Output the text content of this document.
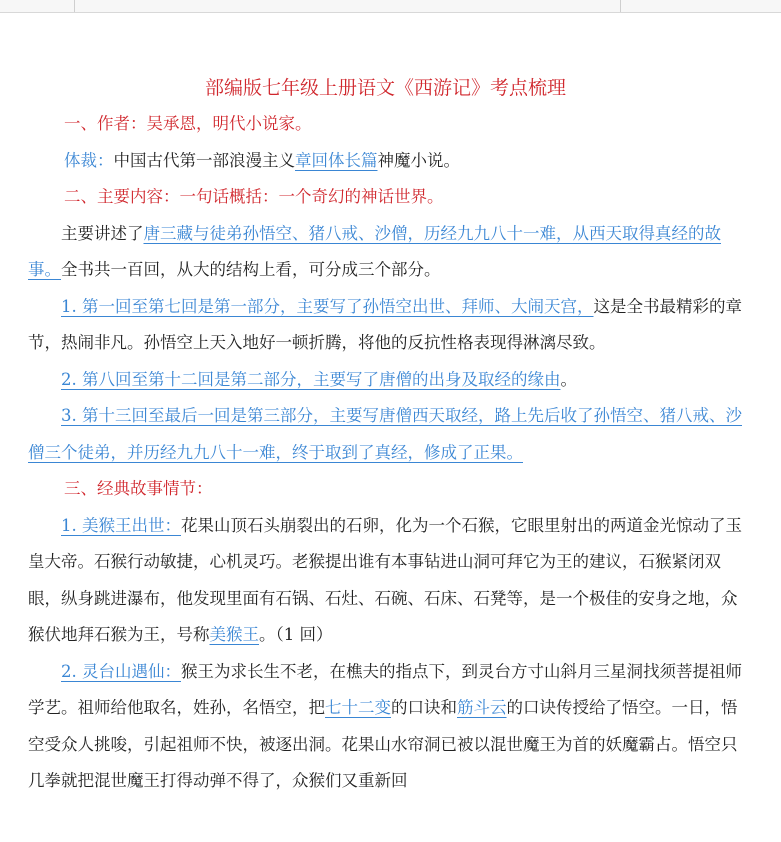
部编版七年级上册语文《西游记》考点梳理

一、作者：吴承恩，明代小说家。

体裁：中国古代第一部浪漫主义章回体长篇神魔小说。

二、主要内容：一句话概括：一个奇幻的神话世界。

主要讲述了唐三藏与徒弟孙悟空、猪八戒、沙僧，历经九九八十一难，从西天取得真经的故事。全书共一百回，从大的结构上看，可分成三个部分。

1. 第一回至第七回是第一部分，主要写了孙悟空出世、拜师、大闹天宫，这是全书最精彩的章节，热闹非凡。孙悟空上天入地好一顿折腾，将他的反抗性格表现得淋漓尽致。

2. 第八回至第十二回是第二部分，主要写了唐僧的出身及取经的缘由。

3. 第十三回至最后一回是第三部分，主要写唐僧西天取经，路上先后收了孙悟空、猪八戒、沙僧三个徒弟，并历经九九八十一难，终于取到了真经，修成了正果。

三、经典故事情节：

1. 美猴王出世：花果山顶石头崩裂出的石卵，化为一个石猴，它眼里射出的两道金光惊动了玉皇大帝。石猴行动敏捷，心机灵巧。老猴提出谁有本事钻进山洞可拜它为王的建议，石猴紧闭双眼，纵身跳进瀑布，他发现里面有石锅、石灶、石碗、石床、石凳等，是一个极佳的安身之地，众猴伏地拜石猴为王，号称美猴王。（1 回）

2. 灵台山遇仙：猴王为求长生不老，在樵夫的指点下，到灵台方寸山斜月三星洞找须菩提祖师学艺。祖师给他取名，姓孙，名悟空，把七十二变的口诀和筋斗云的口诀传授给了悟空。一日，悟空受众人挑唆，引起祖师不快，被逐出洞。花果山水帘洞已被以混世魔王为首的妖魔霸占。悟空只几拳就把混世魔王打得动弹不得了，众猴们又重新回
